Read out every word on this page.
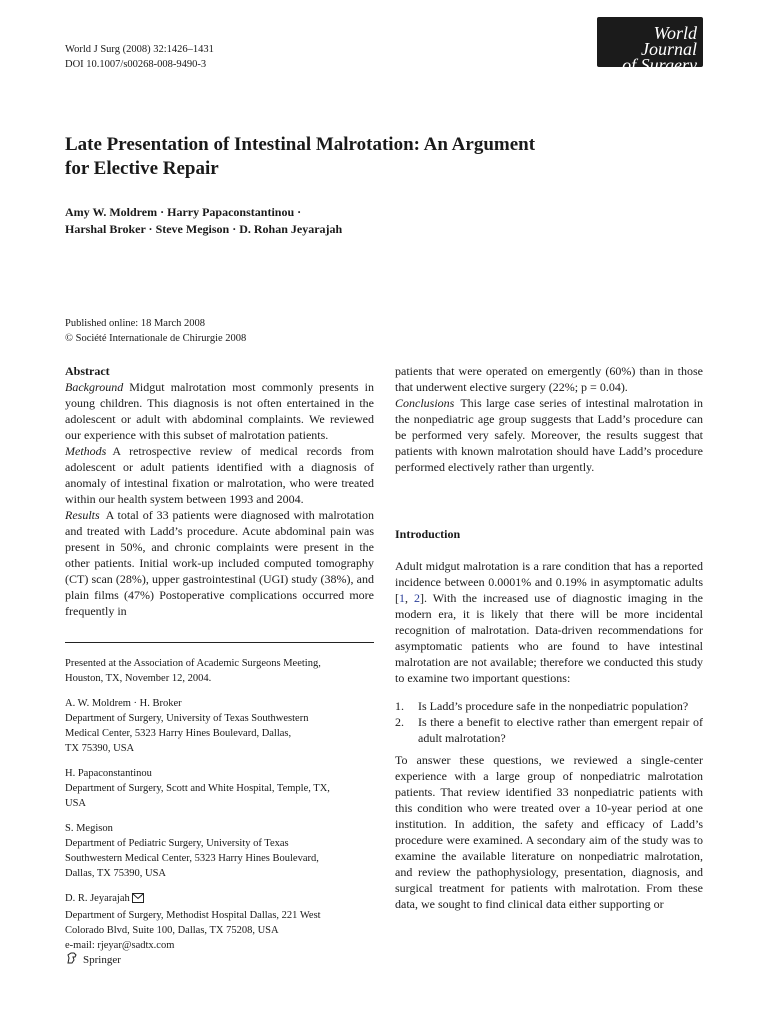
World J Surg (2008) 32:1426–1431
DOI 10.1007/s00268-008-9490-3
World Journal
of Surgery
Late Presentation of Intestinal Malrotation: An Argument
for Elective Repair
Amy W. Moldrem · Harry Papaconstantinou ·
Harshal Broker · Steve Megison · D. Rohan Jeyarajah
Published online: 18 March 2008
© Société Internationale de Chirurgie 2008

Abstract

Background Midgut malrotation most commonly presents in young children. This diagnosis is not often entertained in the adolescent or adult with abdominal complaints. We reviewed our experience with this subset of malrotation patients.

Methods A retrospective review of medical records from adolescent or adult patients identified with a diagnosis of anomaly of intestinal fixation or malrotation, who were treated within our health system between 1993 and 2004.

Results A total of 33 patients were diagnosed with malrotation and treated with Ladd’s procedure. Acute abdominal pain was present in 50%, and chronic complaints were present in the other patients. Initial work-up included computed tomography (CT) scan (28%), upper gastrointestinal (UGI) study (38%), and plain films (47%) Postoperative complications occurred more frequently in

Presented at the Association of Academic Surgeons Meeting,
Houston, TX, November 12, 2004.
A. W. Moldrem · H. Broker
Department of Surgery, University of Texas Southwestern
Medical Center, 5323 Harry Hines Boulevard, Dallas,
TX 75390, USA
H. Papaconstantinou
Department of Surgery, Scott and White Hospital, Temple, TX,
USA
S. Megison
Department of Pediatric Surgery, University of Texas
Southwestern Medical Center, 5323 Harry Hines Boulevard,
Dallas, TX 75390, USA
D. R. Jeyarajah
Department of Surgery, Methodist Hospital Dallas, 221 West
Colorado Blvd, Suite 100, Dallas, TX 75208, USA
e-mail: rjeyar@sadtx.com

patients that were operated on emergently (60%) than in those that underwent elective surgery (22%; p = 0.04).

Conclusions This large case series of intestinal malrotation in the nonpediatric age group suggests that Ladd’s procedure can be performed very safely. Moreover, the results suggest that patients with known malrotation should have Ladd’s procedure performed electively rather than urgently.

Introduction

Adult midgut malrotation is a rare condition that has a reported incidence between 0.0001% and 0.19% in asymptomatic adults [1, 2]. With the increased use of diagnostic imaging in the modern era, it is likely that there will be more incidental recognition of malrotation. Data-driven recommendations for asymptomatic patients who are found to have intestinal malrotation are not available; therefore we conducted this study to examine two important questions:

1.	Is Ladd’s procedure safe in the nonpediatric population?
2.	Is there a benefit to elective rather than emergent repair of adult malrotation?

To answer these questions, we reviewed a single-center experience with a large group of nonpediatric malrotation patients. That review identified 33 nonpediatric patients with this condition who were treated over a 10-year period at one institution. In addition, the safety and efficacy of Ladd’s procedure were examined. A secondary aim of the study was to examine the available literature on nonpediatric malrotation, and review the pathophysiology, presentation, diagnosis, and surgical treatment for patients with malrotation. From these data, we sought to find clinical data either supporting or

Springer
